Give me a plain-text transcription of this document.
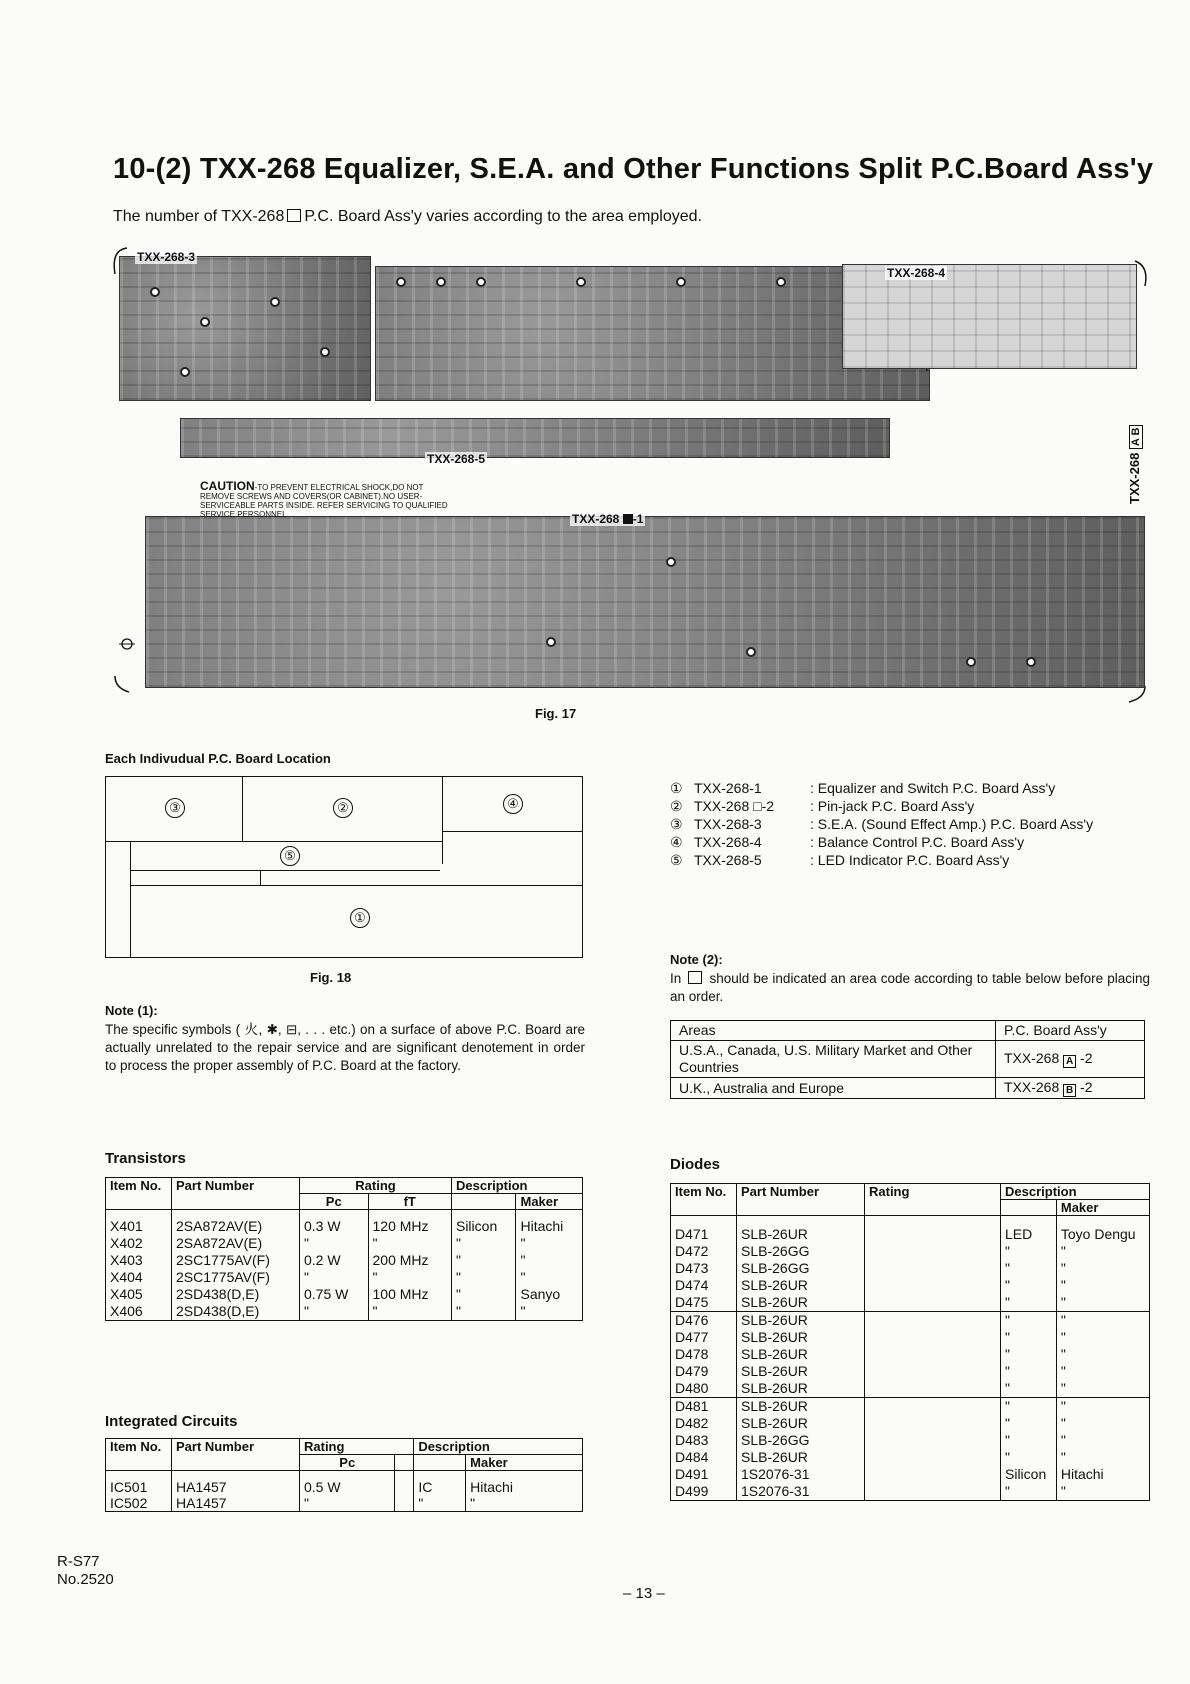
10-(2) TXX-268 Equalizer, S.E.A. and Other Functions Split P.C.Board Ass'y
The number of TXX-268 P.C. Board Ass'y varies according to the area employed.
TXX-268-3
TXX-268-4
TXX-268-5
TXX-268 -1
TXX-268 A B
CAUTION-TO PREVENT ELECTRICAL SHOCK,DO NOT REMOVE SCREWS AND COVERS(OR CABINET).NO USER-SERVICEABLE PARTS INSIDE. REFER SERVICING TO QUALIFIED SERVICE PERSONNEL.
Fig. 17
Each Indivudual P.C. Board Location
③	②	④
⑤
①
Fig. 18
① TXX-268-1	: Equalizer and Switch P.C. Board Ass'y
② TXX-268 □-2	: Pin-jack P.C. Board Ass'y
③ TXX-268-3	: S.E.A. (Sound Effect Amp.) P.C. Board Ass'y
④ TXX-268-4	: Balance Control P.C. Board Ass'y
⑤ TXX-268-5	: LED Indicator P.C. Board Ass'y
Note (1):
The specific symbols ( ⽕, ✱, ⊟, . . . etc.) on a surface of above P.C. Board are actually unrelated to the repair service and are significant denotement in order to process the proper assembly of P.C. Board at the factory.
Note (2):
In should be indicated an area code according to table below before placing an order.
Areas	P.C. Board Ass'y
U.S.A., Canada, U.S. Military Market and Other Countries	TXX-268 A -2
U.K., Australia and Europe	TXX-268 B -2
Transistors
Item No.	Part Number	Rating		Description	
		Pc	fT		Maker
X401	2SA872AV(E)	0.3 W	120 MHz	Silicon	Hitachi
X402	2SA872AV(E)	"	"	"	"
X403	2SC1775AV(F)	0.2 W	200 MHz	"	"
X404	2SC1775AV(F)	"	"	"	"
X405	2SD438(D,E)	0.75 W	100 MHz	"	Sanyo
X406	2SD438(D,E)	"	"	"	"
Integrated Circuits
Item No.	Part Number	Rating		Description	
		Pc			Maker
IC501	HA1457	0.5 W		IC	Hitachi
IC502	HA1457	"		"	"
Diodes
Item No.	Part Number	Rating	Description	
				Maker
D471	SLB-26UR		LED	Toyo Dengu
D472	SLB-26GG		"	"
D473	SLB-26GG		"	"
D474	SLB-26UR		"	"
D475	SLB-26UR		"	"
D476	SLB-26UR		"	"
D477	SLB-26UR		"	"
D478	SLB-26UR		"	"
D479	SLB-26UR		"	"
D480	SLB-26UR		"	"
D481	SLB-26UR		"	"
D482	SLB-26UR		"	"
D483	SLB-26GG		"	"
D484	SLB-26UR		"	"
D491	1S2076-31		Silicon	Hitachi
D499	1S2076-31		"	"
R-S77
No.2520
– 13 –
